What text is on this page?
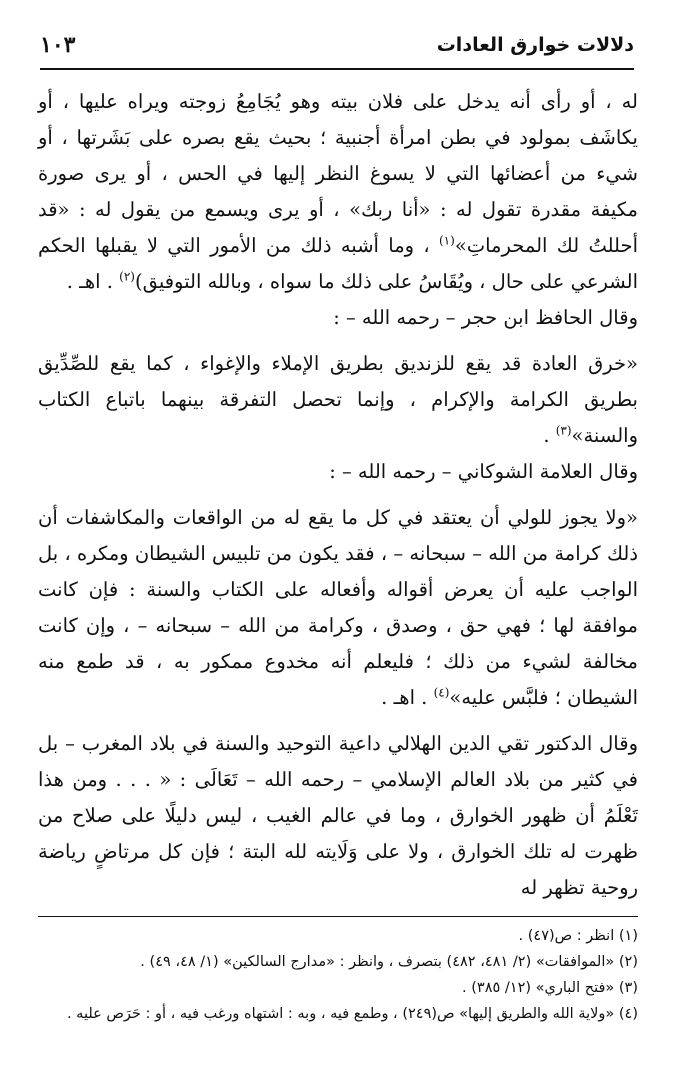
دلالات خوارق العادات
١٠٣

له ، أو رأى أنه يدخل على فلان بيته وهو يُجَامِعُ زوجته ويراه عليها ، أو يكاشَف بمولود في بطن امرأة أجنبية ؛ بحيث يقع بصره على بَشَرتها ، أو شيء من أعضائها التي لا يسوغ النظر إليها في الحس ، أو يرى صورة مكيفة مقدرة تقول له : «أنا ربك» ، أو يرى ويسمع من يقول له : «قد أحللتُ لك المحرماتِ»$^{(١)}$ ، وما أشبه ذلك من الأمور التي لا يقبلها الحكم الشرعي على حال ، ويُقَاسُ على ذلك ما سواه ، وبالله التوفيق)$^{(٢)}$ . اهـ .

وقال الحافظ ابن حجر – رحمه الله – :

«خرق العادة قد يقع للزنديق بطريق الإملاء والإغواء ، كما يقع للصِّدِّيق بطريق الكرامة والإكرام ، وإنما تحصل التفرقة بينهما باتباع الكتاب والسنة»$^{(٣)}$ .

وقال العلامة الشوكاني – رحمه الله – :

«ولا يجوز للولي أن يعتقد في كل ما يقع له من الواقعات والمكاشفات أن ذلك كرامة من الله – سبحانه – ، فقد يكون من تلبيس الشيطان ومكره ، بل الواجب عليه أن يعرض أقواله وأفعاله على الكتاب والسنة : فإن كانت موافقة لها ؛ فهي حق ، وصدق ، وكرامة من الله – سبحانه – ، وإن كانت مخالفة لشيء من ذلك ؛ فليعلم أنه مخدوع ممكور به ، قد طمع منه الشيطان ؛ فلبَّس عليه»$^{(٤)}$ . اهـ .

وقال الدكتور تقي الدين الهلالي داعية التوحيد والسنة في بلاد المغرب – بل في كثير من بلاد العالم الإسلامي – رحمه الله – تَعَالَى : « . . . ومن هذا تَعْلَمُ أن ظهور الخوارق ، وما في عالم الغيب ، ليس دليلًا على صلاح من ظهرت له تلك الخوارق ، ولا على وَلَايته لله البتة ؛ فإن كل مرتاضٍ رياضة روحية تظهر له

(١) انظر : ص(٤٧) .

(٢) «الموافقات» (٢/ ٤٨١، ٤٨٢) بتصرف ، وانظر : «مدارج السالكين» (١/ ٤٨، ٤٩) .

(٣) «فتح الباري» (١٢/ ٣٨٥) .

(٤) «ولاية الله والطريق إليها» ص(٢٤٩) ، وطمع فيه ، وبه : اشتهاه ورغب فيه ، أو : حَرَص عليه .
